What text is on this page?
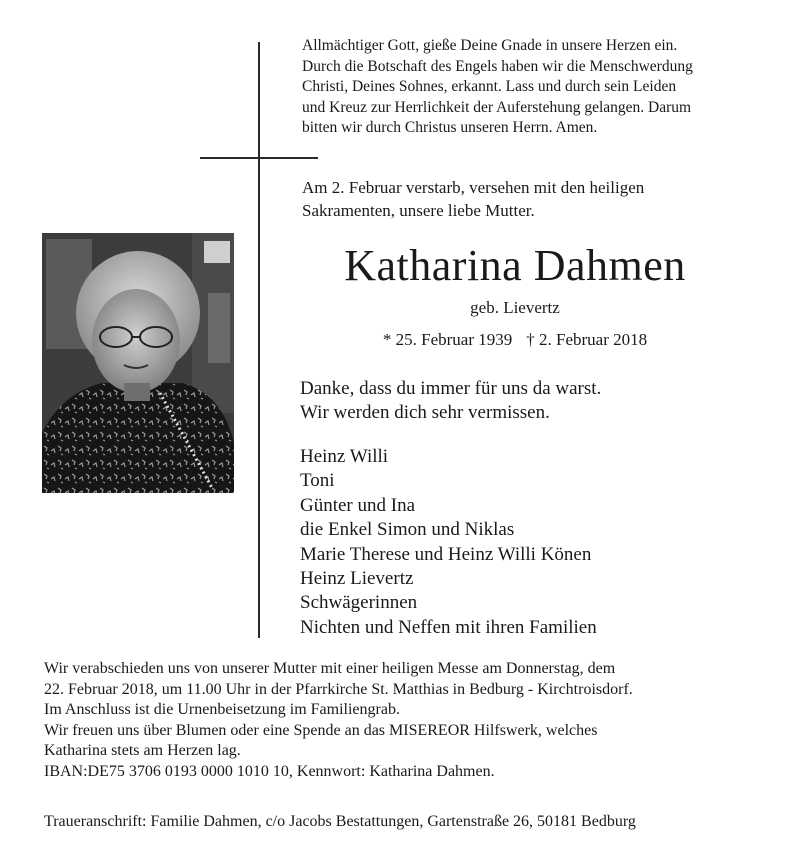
Allmächtiger Gott, gieße Deine Gnade in unsere Herzen ein.
Durch die Botschaft des Engels haben wir die Menschwerdung
Christi, Deines Sohnes, erkannt. Lass und durch sein Leiden
und Kreuz zur Herrlichkeit der Auferstehung gelangen. Darum
bitten wir durch Christus unseren Herrn. Amen.
Am 2. Februar verstarb, versehen mit den heiligen
Sakramenten, unsere liebe Mutter.
Katharina Dahmen
geb. Lievertz
* 25. Februar 1939 † 2. Februar 2018
Danke, dass du immer für uns da warst.
Wir werden dich sehr vermissen.
Heinz Willi
Toni
Günter und Ina
die Enkel Simon und Niklas
Marie Therese und Heinz Willi Könen
Heinz Lievertz
Schwägerinnen
Nichten und Neffen mit ihren Familien
Wir verabschieden uns von unserer Mutter mit einer heiligen Messe am Donnerstag, dem
22. Februar 2018, um 11.00 Uhr in der Pfarrkirche St. Matthias in Bedburg - Kirchtroisdorf.
Im Anschluss ist die Urnenbeisetzung im Familiengrab.
Wir freuen uns über Blumen oder eine Spende an das MISEREOR Hilfswerk, welches
Katharina stets am Herzen lag.
IBAN:DE75 3706 0193 0000 1010 10, Kennwort: Katharina Dahmen.
Traueranschrift: Familie Dahmen, c/o Jacobs Bestattungen, Gartenstraße 26, 50181 Bedburg
